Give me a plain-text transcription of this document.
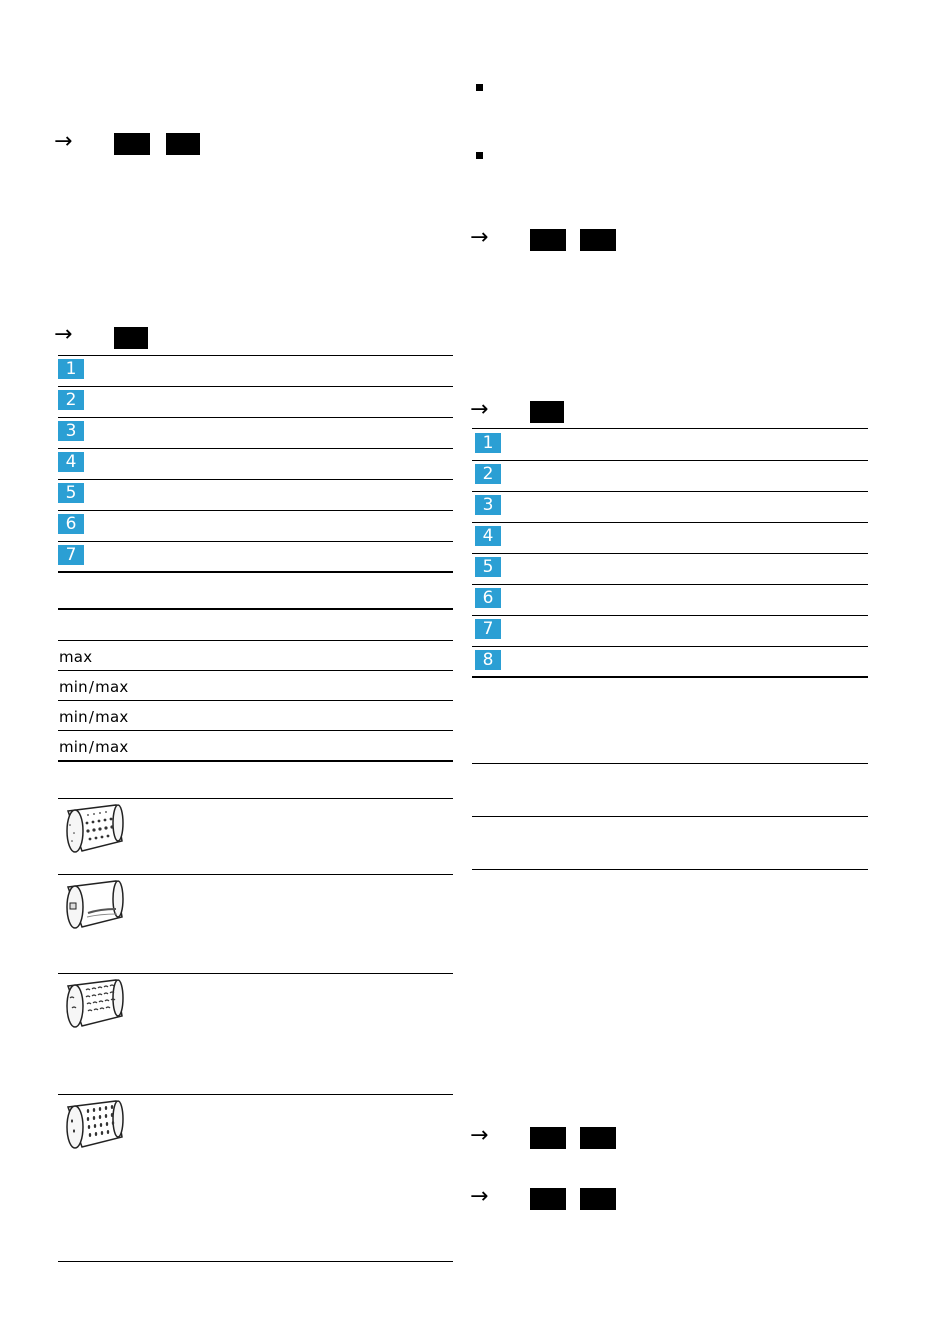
→
→
1
2
3
4
5
6
7
max
min/max
min/max
min/max
→
→
1
2
3
4
5
6
7
8
→
→
